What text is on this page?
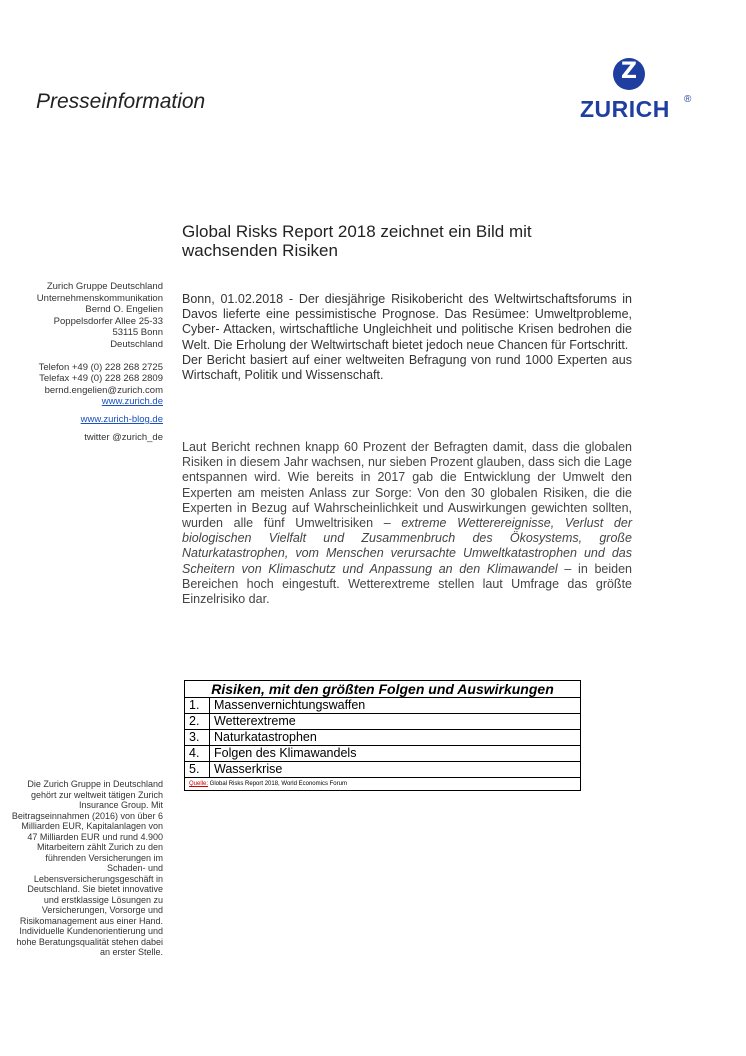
Presseinformation
Z
ZURICH ®
Global Risks Report 2018 zeichnet ein Bild mit wachsenden Risiken
Zurich Gruppe Deutschland
Unternehmenskommunikation
Bernd O. Engelien
Poppelsdorfer Allee 25-33
53115 Bonn
Deutschland
Telefon +49 (0) 228 268 2725
Telefax +49 (0) 228 268 2809
bernd.engelien@zurich.com
www.zurich.de
www.zurich-blog.de
twitter @zurich_de
Bonn, 01.02.2018 - Der diesjährige Risikobericht des Weltwirtschaftsforums in Davos lieferte eine pessimistische Prognose. Das Resümee: Umweltprobleme, Cyber- Attacken, wirtschaftliche Ungleichheit und politische Krisen bedrohen die Welt. Die Erholung der Weltwirtschaft bietet jedoch neue Chancen für Fortschritt.
Der Bericht basiert auf einer weltweiten Befragung von rund 1000 Experten aus Wirtschaft, Politik und Wissenschaft.
Laut Bericht rechnen knapp 60 Prozent der Befragten damit, dass die globalen Risiken in diesem Jahr wachsen, nur sieben Prozent glauben, dass sich die Lage entspannen wird. Wie bereits in 2017 gab die Entwicklung der Umwelt den Experten am meisten Anlass zur Sorge: Von den 30 globalen Risiken, die die Experten in Bezug auf Wahrscheinlichkeit und Auswirkungen gewichten sollten, wurden alle fünf Umweltrisiken – extreme Wetterereignisse, Verlust der biologischen Vielfalt und Zusammenbruch des Ökosystems, große Naturkatastrophen, vom Menschen verursachte Umweltkatastrophen und das Scheitern von Klimaschutz und Anpassung an den Klimawandel – in beiden Bereichen hoch eingestuft. Wetterextreme stellen laut Umfrage das größte Einzelrisiko dar.
Risiken, mit den größten Folgen und Auswirkungen	
1.	Massenvernichtungswaffen
2.	Wetterextreme
3.	Naturkatastrophen
4.	Folgen des Klimawandels
5.	Wasserkrise
Quelle: Global Risks Report 2018, World Economics Forum	
Die Zurich Gruppe in Deutschland gehört zur weltweit tätigen Zurich Insurance Group. Mit Beitragseinnahmen (2016) von über 6 Milliarden EUR, Kapitalanlagen von 47 Milliarden EUR und rund 4.900 Mitarbeitern zählt Zurich zu den führenden Versicherungen im Schaden- und Lebensversicherungsgeschäft in Deutschland. Sie bietet innovative und erstklassige Lösungen zu Versicherungen, Vorsorge und Risikomanagement aus einer Hand. Individuelle Kundenorientierung und hohe Beratungsqualität stehen dabei an erster Stelle.
